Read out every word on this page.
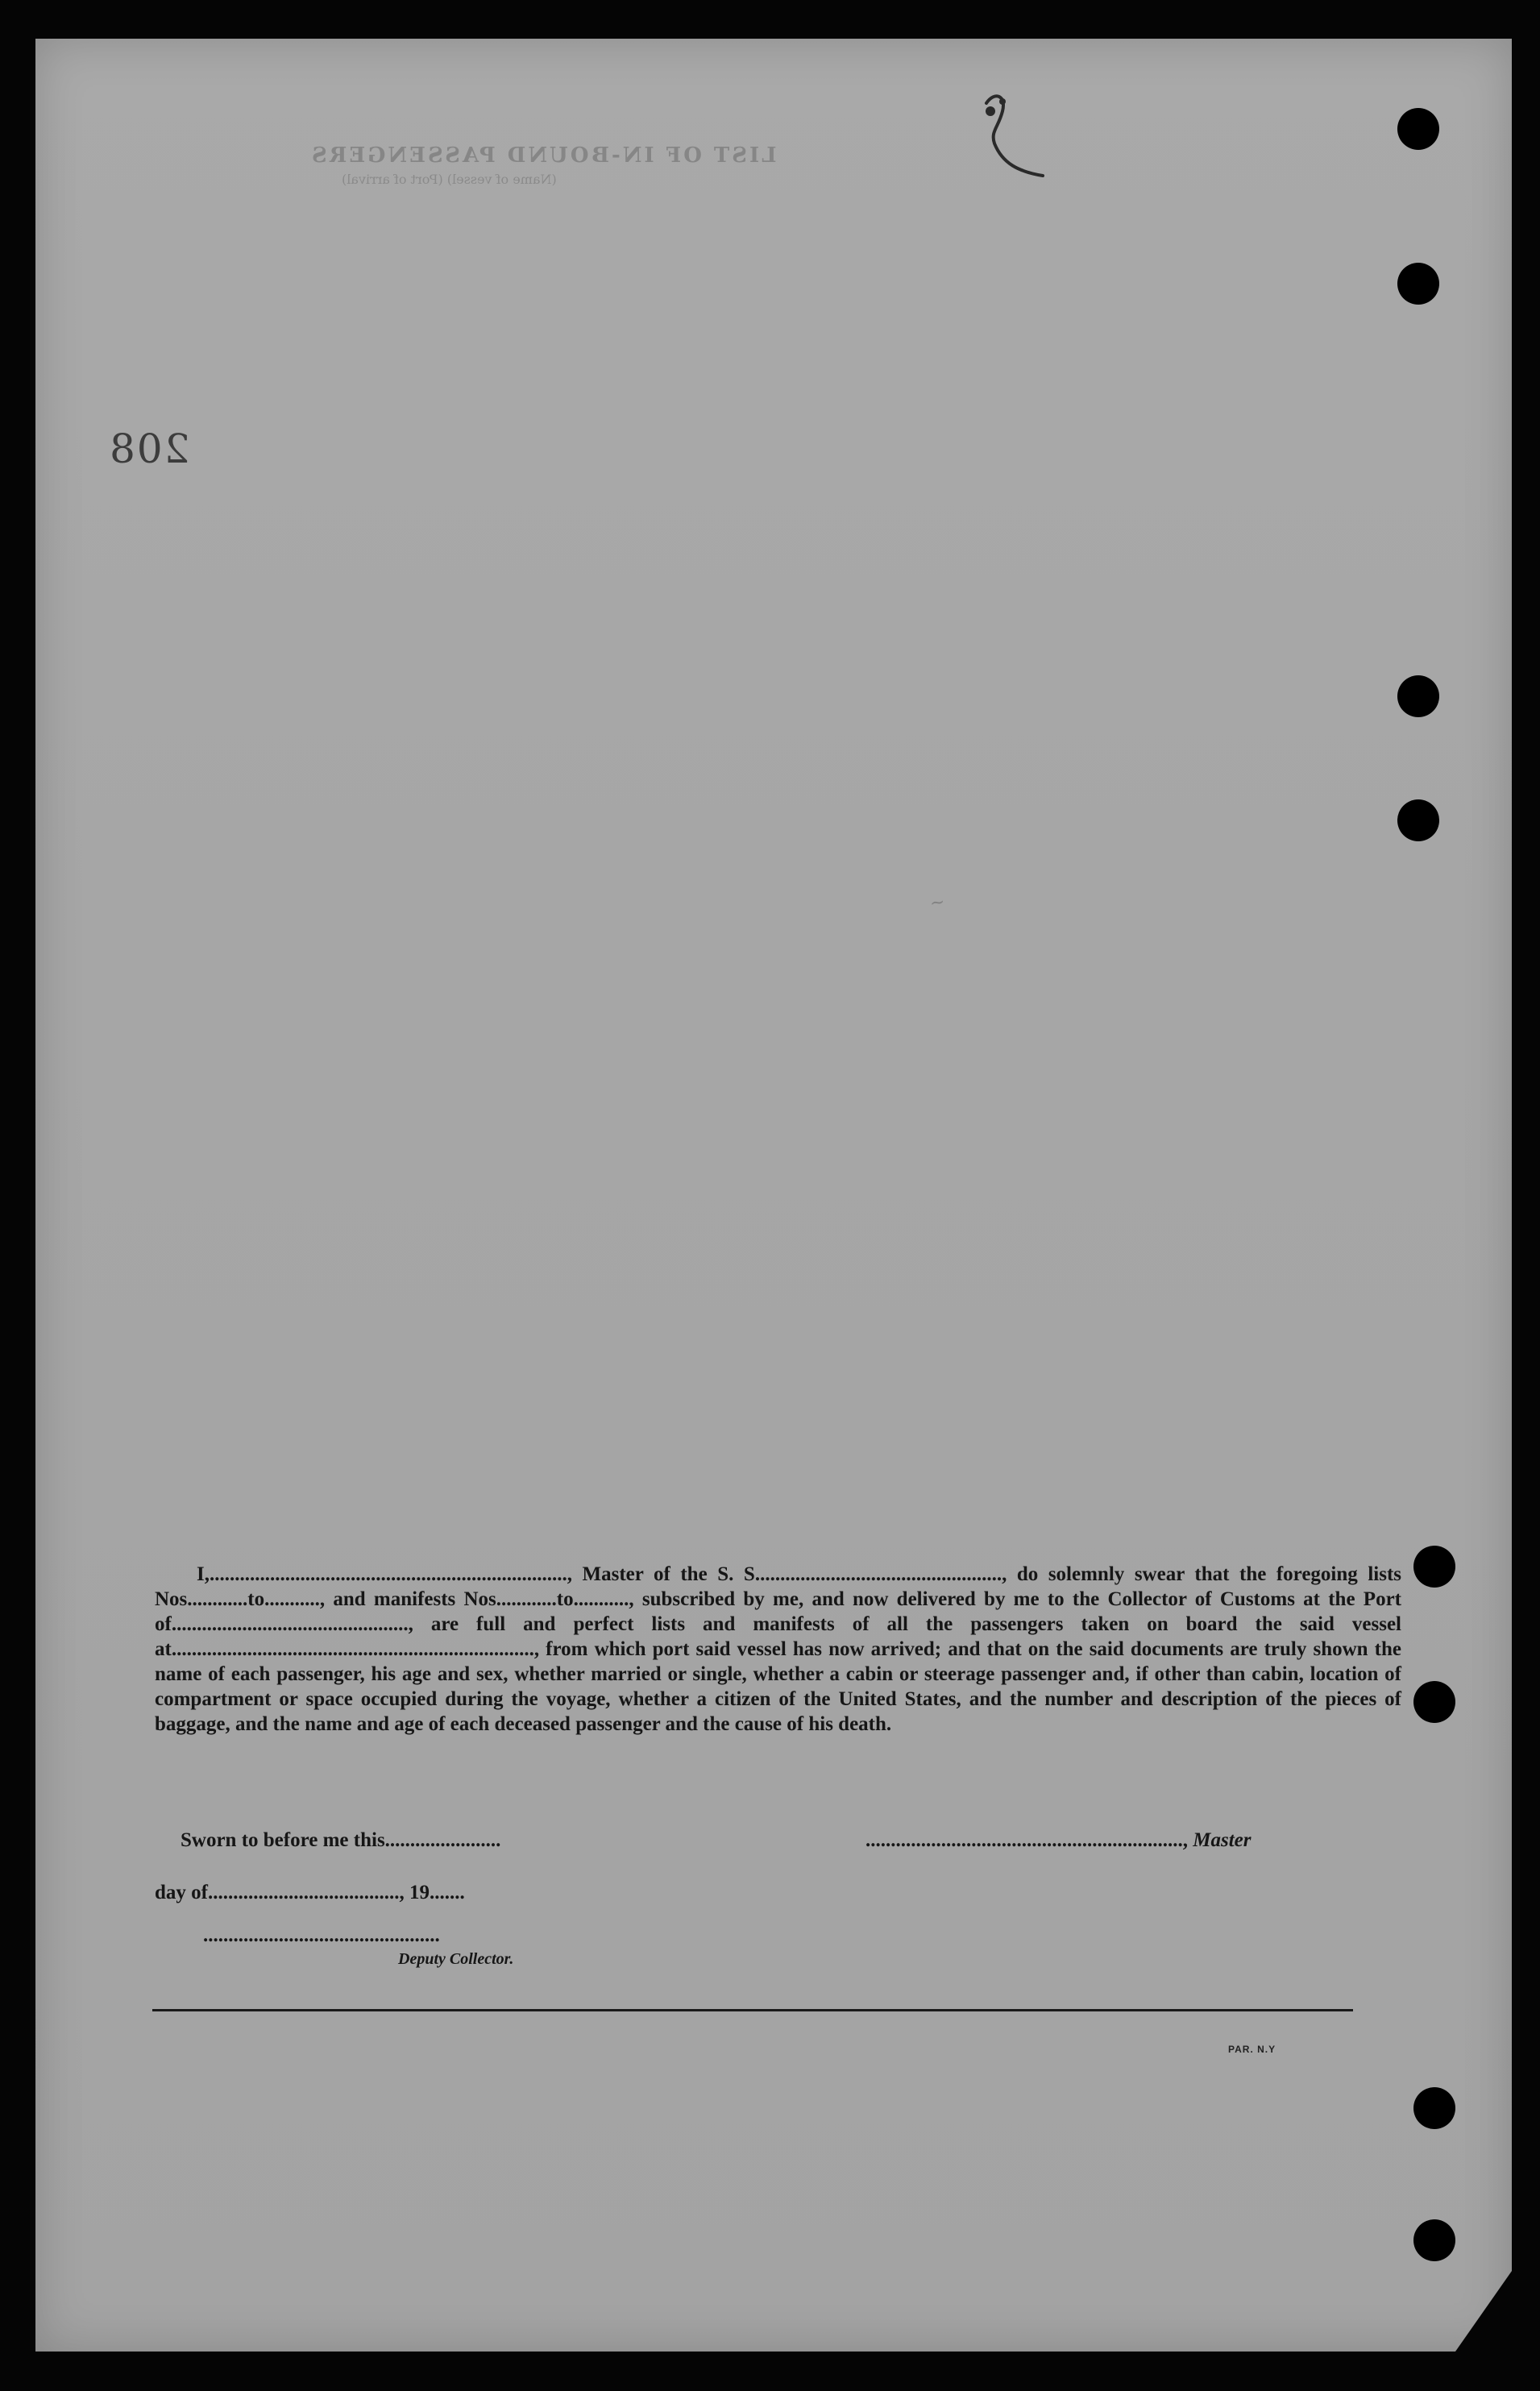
LIST OF IN-BOUND PASSENGERS
(Name of vessel) (Port of arrival)
208
~

I,......................................................................., Master of the S. S................................................., do solemnly swear that the foregoing lists Nos............to..........., and manifests Nos............to..........., subscribed by me, and now delivered by me to the Collector of Customs at the Port of..............................................., are full and perfect lists and manifests of all the passengers taken on board the said vessel at........................................................................, from which port said vessel has now arrived; and that on the said documents are truly shown the name of each passenger, his age and sex, whether married or single, whether a cabin or steerage passenger and, if other than cabin, location of compartment or space occupied during the voyage, whether a citizen of the United States, and the number and description of the pieces of baggage, and the name and age of each deceased passenger and the cause of his death.

Sworn to before me this.......................	..............................................................., Master
day of......................................, 19.......
...............................................
Deputy Collector.
PAR. N.Y
